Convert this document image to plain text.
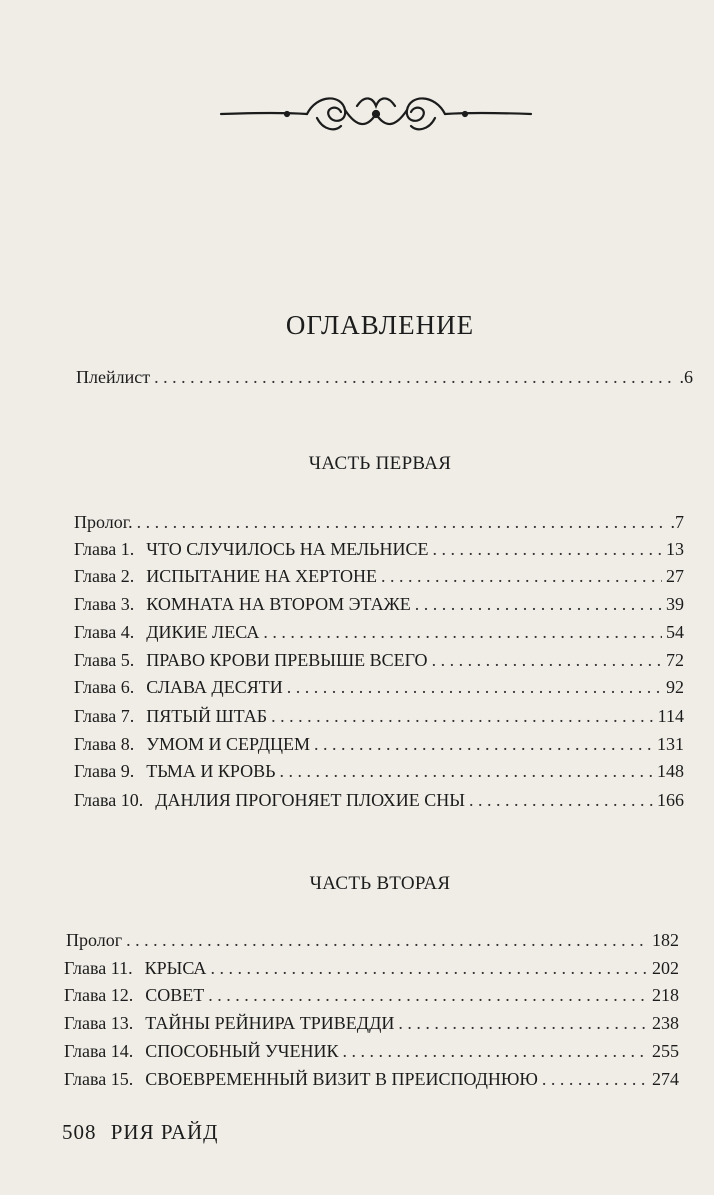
ОГЛАВЛЕНИЕ
Плейлист . . .	.6
ЧАСТЬ ПЕРВАЯ
Пролог. . . .	.7
Глава 1. ЧТО СЛУЧИЛОСЬ НА МЕЛЬНИСЕ . . .	13
Глава 2. ИСПЫТАНИЕ НА ХЕРТОНЕ . . .	27
Глава 3. КОМНАТА НА ВТОРОМ ЭТАЖЕ . . .	39
Глава 4. ДИКИЕ ЛЕСА . . .	54
Глава 5. ПРАВО КРОВИ ПРЕВЫШЕ ВСЕГО . . .	72
Глава 6. СЛАВА ДЕСЯТИ . . .	92
Глава 7. ПЯТЫЙ ШТАБ . . .	114
Глава 8. УМОМ И СЕРДЦЕМ . . .	131
Глава 9. ТЬМА И КРОВЬ . . .	148
Глава 10. ДАНЛИЯ ПРОГОНЯЕТ ПЛОХИЕ СНЫ . . .	166
ЧАСТЬ ВТОРАЯ
Пролог . . .	182
Глава 11. КРЫСА . . .	202
Глава 12. СОВЕТ . . .	218
Глава 13. ТАЙНЫ РЕЙНИРА ТРИВЕДДИ . . .	238
Глава 14. СПОСОБНЫЙ УЧЕНИК . . .	255
Глава 15. СВОЕВРЕМЕННЫЙ ВИЗИТ В ПРЕИСПОДНЮЮ . . .	274
508 РИЯ РАЙД
